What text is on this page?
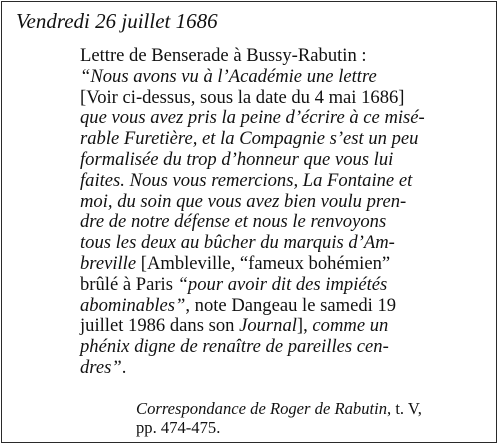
Vendredi 26 juillet 1686
Lettre de Benserade à Bussy-Rabutin :
“Nous avons vu à l’Académie une lettre
[Voir ci-dessus, sous la date du 4 mai 1686]
que vous avez pris la peine d’écrire à ce misé-
rable Furetière, et la Compagnie s’est un peu
formalisée du trop d’honneur que vous lui
faites. Nous vous remercions, La Fontaine et
moi, du soin que vous avez bien voulu pren-
dre de notre défense et nous le renvoyons
tous les deux au bûcher du marquis d’Am-
breville [Ambleville, “fameux bohémien”
brûlé à Paris “pour avoir dit des impiétés
abominables”, note Dangeau le samedi 19
juillet 1986 dans son Journal], comme un
phénix digne de renaître de pareilles cen-
dres”.
Correspondance de Roger de Rabutin, t. V,
pp. 474-475.
